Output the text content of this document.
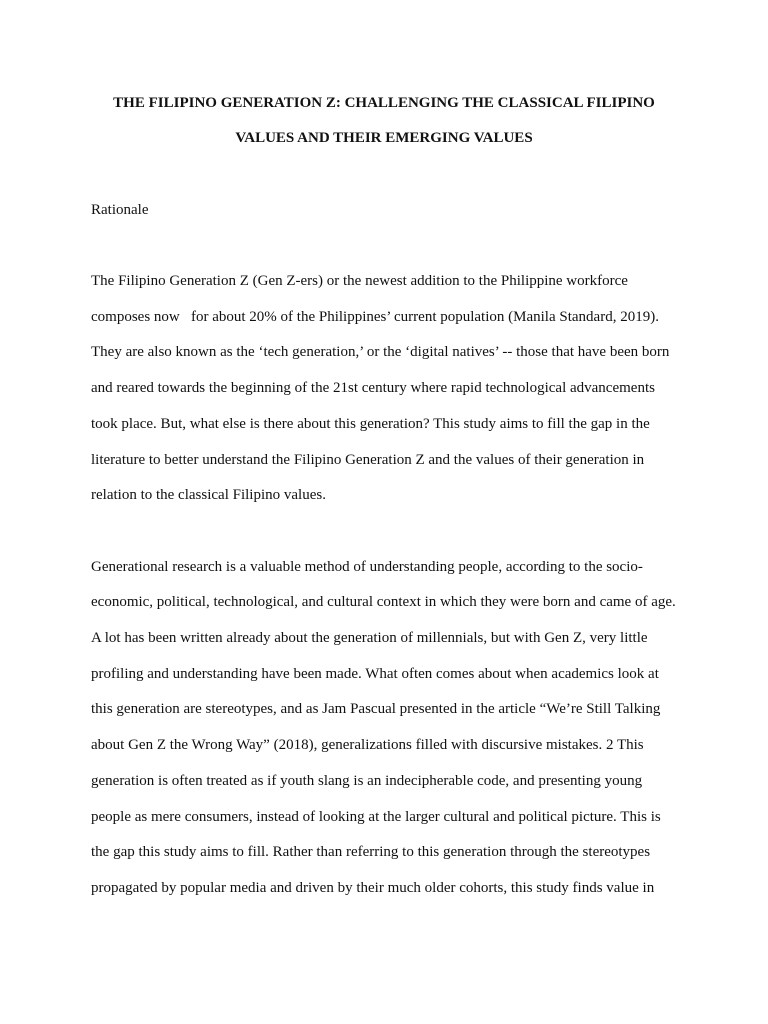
THE FILIPINO GENERATION Z: CHALLENGING THE CLASSICAL FILIPINO
VALUES AND THEIR EMERGING VALUES
Rationale
The Filipino Generation Z (Gen Z-ers) or the newest addition to the Philippine workforce
composes now   for about 20% of the Philippines’ current population (Manila Standard, 2019).
They are also known as the ‘tech generation,’ or the ‘digital natives’ -- those that have been born
and reared towards the beginning of the 21st century where rapid technological advancements
took place. But, what else is there about this generation? This study aims to fill the gap in the
literature to better understand the Filipino Generation Z and the values of their generation in
relation to the classical Filipino values.
Generational research is a valuable method of understanding people, according to the socio-
economic, political, technological, and cultural context in which they were born and came of age.
A lot has been written already about the generation of millennials, but with Gen Z, very little
profiling and understanding have been made. What often comes about when academics look at
this generation are stereotypes, and as Jam Pascual presented in the article “We’re Still Talking
about Gen Z the Wrong Way” (2018), generalizations filled with discursive mistakes. 2 This
generation is often treated as if youth slang is an indecipherable code, and presenting young
people as mere consumers, instead of looking at the larger cultural and political picture. This is
the gap this study aims to fill. Rather than referring to this generation through the stereotypes
propagated by popular media and driven by their much older cohorts, this study finds value in
